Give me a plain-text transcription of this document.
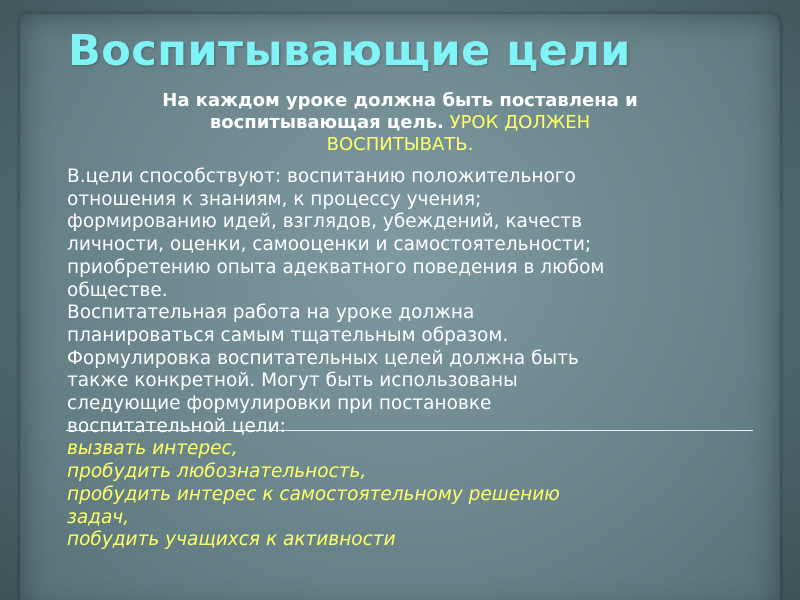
Воспитывающие цели
На каждом уроке должна быть поставлена и
воспитывающая цель. УРОК ДОЛЖЕН
ВОСПИТЫВАТЬ.
В.цели способствуют: воспитанию положительного
отношения к знаниям, к процессу учения;
формированию идей, взглядов, убеждений, качеств
личности, оценки, самооценки и самостоятельности;
приобретению опыта адекватного поведения в любом
обществе.
Воспитательная работа на уроке должна
планироваться самым тщательным образом.
Формулировка воспитательных целей должна быть
также конкретной. Могут быть использованы
следующие формулировки при постановке
воспитательной цели:
вызвать интерес,
пробудить любознательность,
пробудить интерес к самостоятельному решению
задач,
побудить учащихся к активности
